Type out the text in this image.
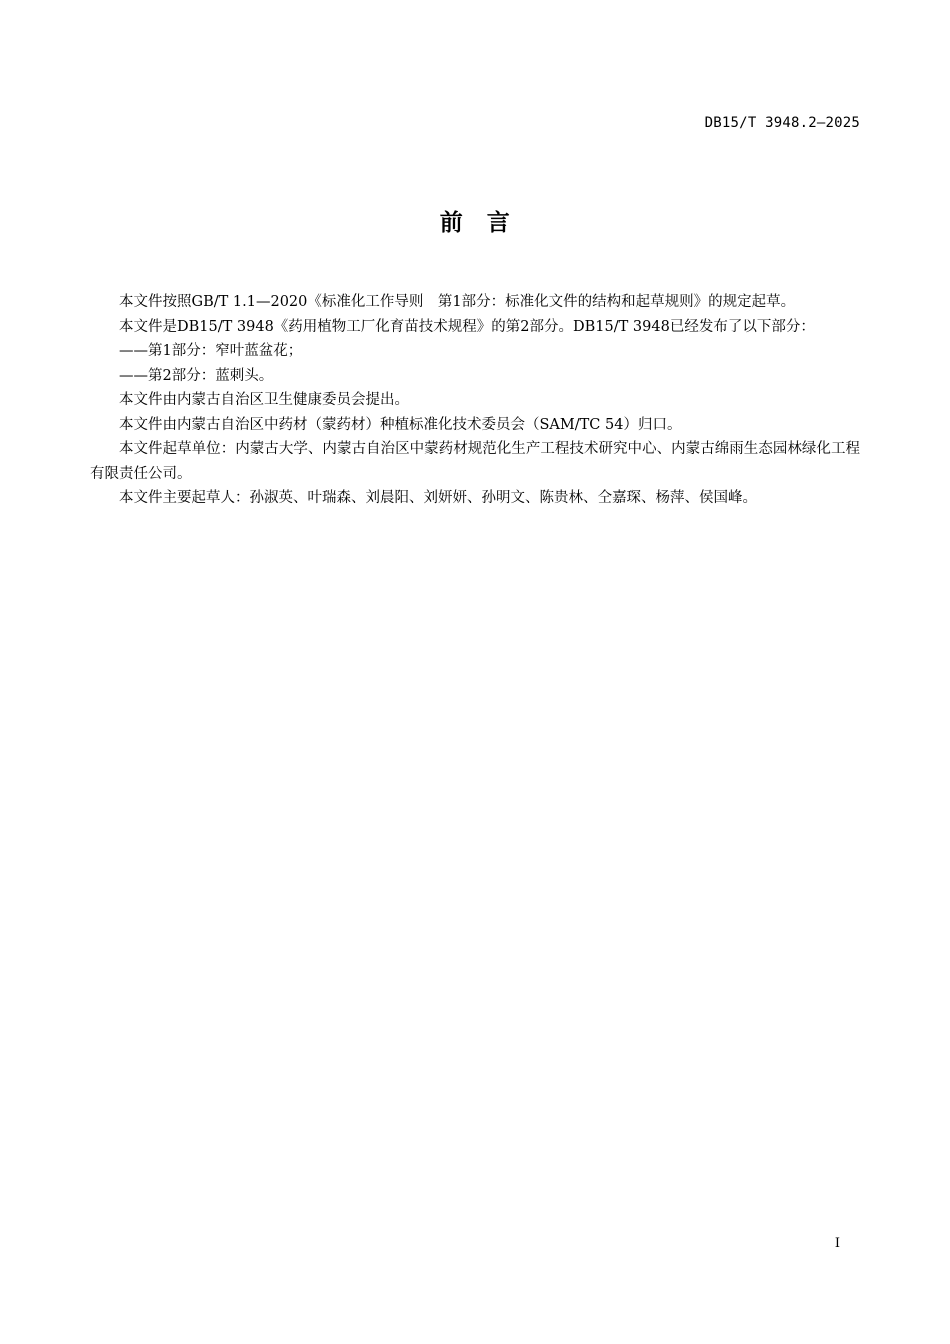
DB15/T 3948.2—2025
前　言

本文件按照GB/T 1.1—2020《标准化工作导则　第1部分：标准化文件的结构和起草规则》的规定起草。

本文件是DB15/T 3948《药用植物工厂化育苗技术规程》的第2部分。DB15/T 3948已经发布了以下部分：

——第1部分：窄叶蓝盆花；

——第2部分：蓝刺头。

本文件由内蒙古自治区卫生健康委员会提出。

本文件由内蒙古自治区中药材（蒙药材）种植标准化技术委员会（SAM/TC 54）归口。

本文件起草单位：内蒙古大学、内蒙古自治区中蒙药材规范化生产工程技术研究中心、内蒙古绵雨生态园林绿化工程有限责任公司。

本文件主要起草人：孙淑英、叶瑞森、刘晨阳、刘妍妍、孙明文、陈贵林、仝嘉琛、杨萍、侯国峰。

I
